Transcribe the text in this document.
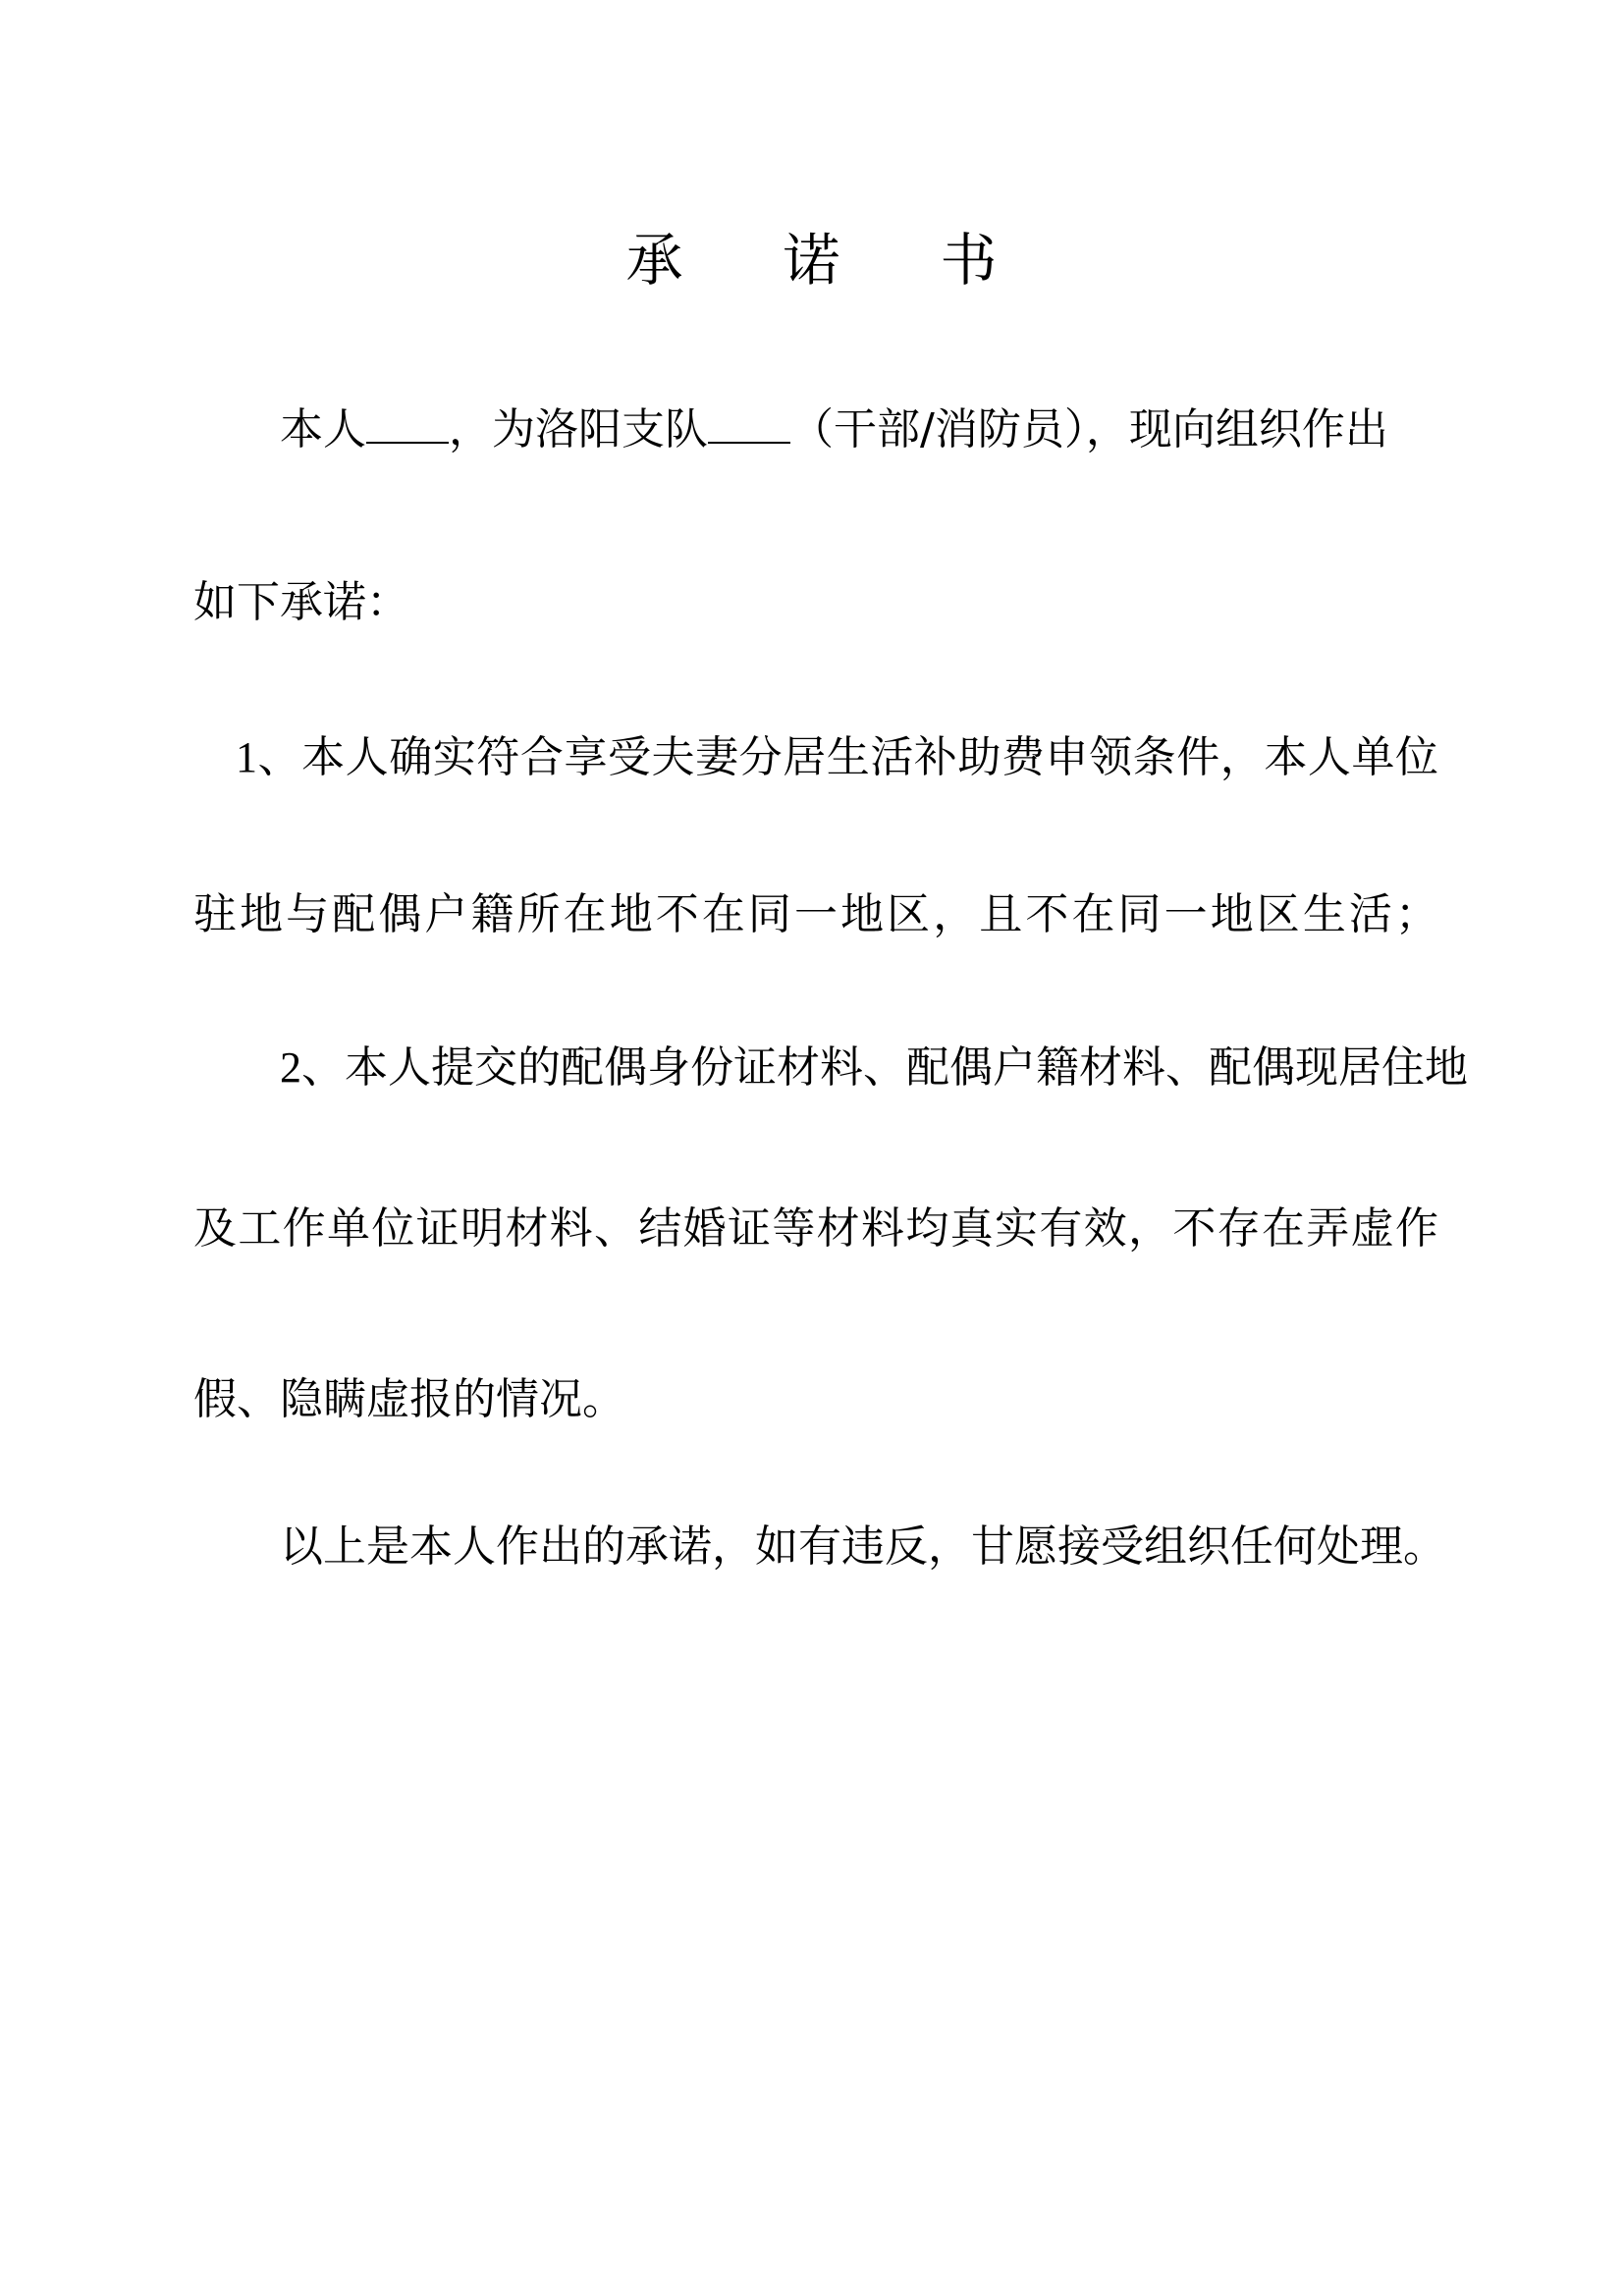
承 诺 书
本人 ，为洛阳支队 （干部/消防员），现向组织作出
如下承诺：
1、本人确实符合享受夫妻分居生活补助费申领条件，本人单位
驻地与配偶户籍所在地不在同一地区，且不在同一地区生活；
2、本人提交的配偶身份证材料、配偶户籍材料、配偶现居住地
及工作单位证明材料、结婚证等材料均真实有效，不存在弄虚作
假、隐瞒虚报的情况。
以上是本人作出的承诺，如有违反，甘愿接受组织任何处理。
